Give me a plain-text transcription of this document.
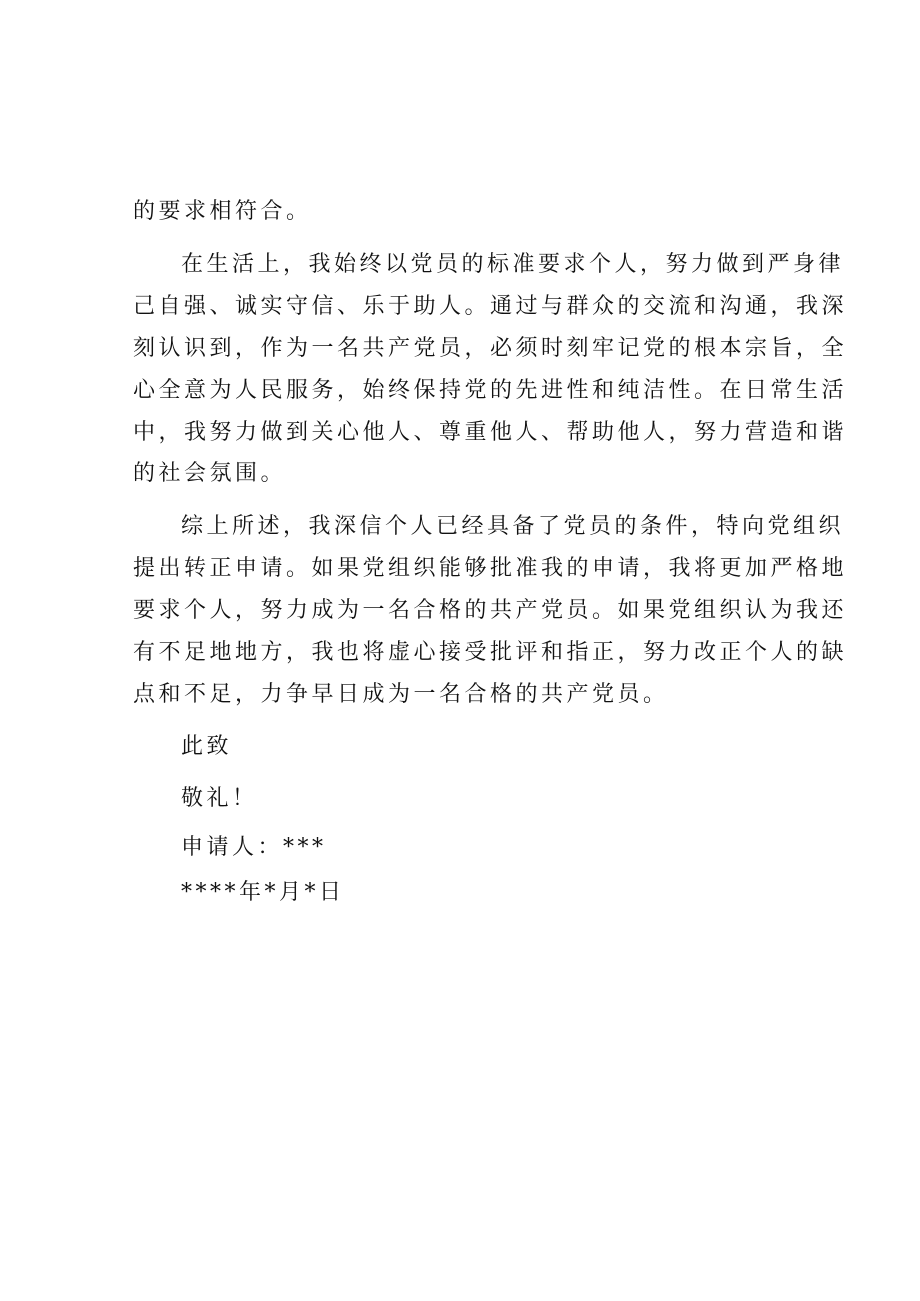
的要求相符合。
在生活上，我始终以党员的标准要求个人，努力做到严身律
己自强、诚实守信、乐于助人。通过与群众的交流和沟通，我深
刻认识到，作为一名共产党员，必须时刻牢记党的根本宗旨，全
心全意为人民服务，始终保持党的先进性和纯洁性。在日常生活
中，我努力做到关心他人、尊重他人、帮助他人，努力营造和谐
的社会氛围。
综上所述，我深信个人已经具备了党员的条件，特向党组织
提出转正申请。如果党组织能够批准我的申请，我将更加严格地
要求个人，努力成为一名合格的共产党员。如果党组织认为我还
有不足地地方，我也将虚心接受批评和指正，努力改正个人的缺
点和不足，力争早日成为一名合格的共产党员。
此致
敬礼！
申请人：***
****年*月*日
